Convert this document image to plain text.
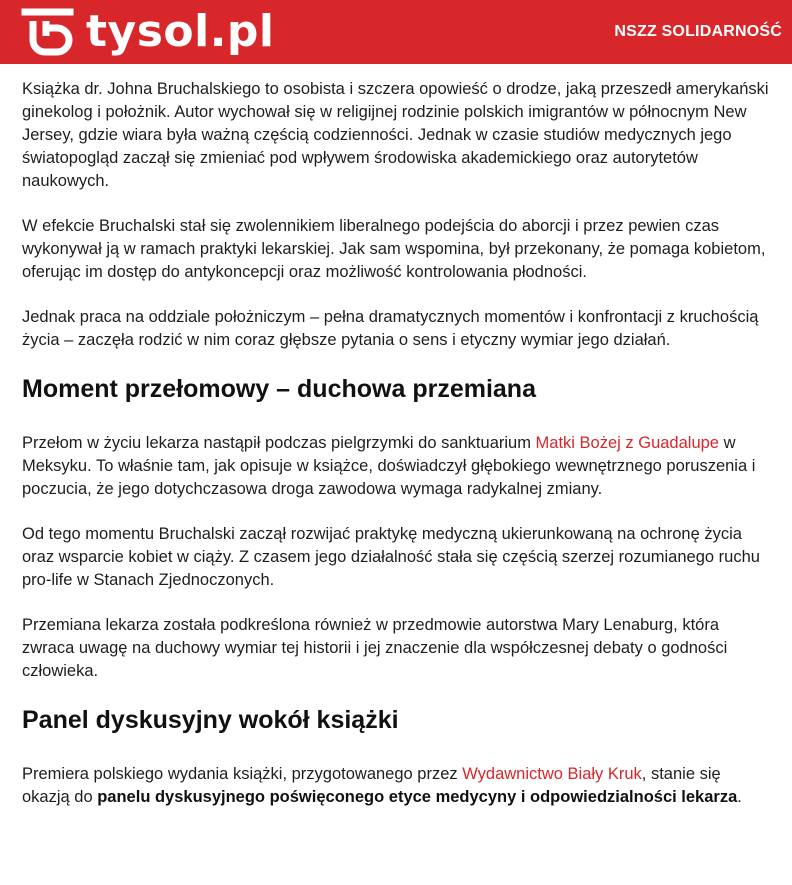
tysol.pl	NSZZ SOLIDARNOŚĆ

Książka dr. Johna Bruchalskiego to osobista i szczera opowieść o drodze, jaką przeszedł amerykański ginekolog i położnik. Autor wychował się w religijnej rodzinie polskich imigrantów w północnym New Jersey, gdzie wiara była ważną częścią codzienności. Jednak w czasie studiów medycznych jego światopogląd zaczął się zmieniać pod wpływem środowiska akademickiego oraz autorytetów naukowych.

W efekcie Bruchalski stał się zwolennikiem liberalnego podejścia do aborcji i przez pewien czas wykonywał ją w ramach praktyki lekarskiej. Jak sam wspomina, był przekonany, że pomaga kobietom, oferując im dostęp do antykoncepcji oraz możliwość kontrolowania płodności.

Jednak praca na oddziale położniczym – pełna dramatycznych momentów i konfrontacji z kruchością życia – zaczęła rodzić w nim coraz głębsze pytania o sens i etyczny wymiar jego działań.

Moment przełomowy – duchowa przemiana

Przełom w życiu lekarza nastąpił podczas pielgrzymki do sanktuarium Matki Bożej z Guadalupe w Meksyku. To właśnie tam, jak opisuje w książce, doświadczył głębokiego wewnętrznego poruszenia i poczucia, że jego dotychczasowa droga zawodowa wymaga radykalnej zmiany.

Od tego momentu Bruchalski zaczął rozwijać praktykę medyczną ukierunkowaną na ochronę życia oraz wsparcie kobiet w ciąży. Z czasem jego działalność stała się częścią szerzej rozumianego ruchu pro-life w Stanach Zjednoczonych.

Przemiana lekarza została podkreślona również w przedmowie autorstwa Mary Lenaburg, która zwraca uwagę na duchowy wymiar tej historii i jej znaczenie dla współczesnej debaty o godności człowieka.

Panel dyskusyjny wokół książki

Premiera polskiego wydania książki, przygotowanego przez Wydawnictwo Biały Kruk, stanie się okazją do panelu dyskusyjnego poświęconego etyce medycyny i odpowiedzialności lekarza.
